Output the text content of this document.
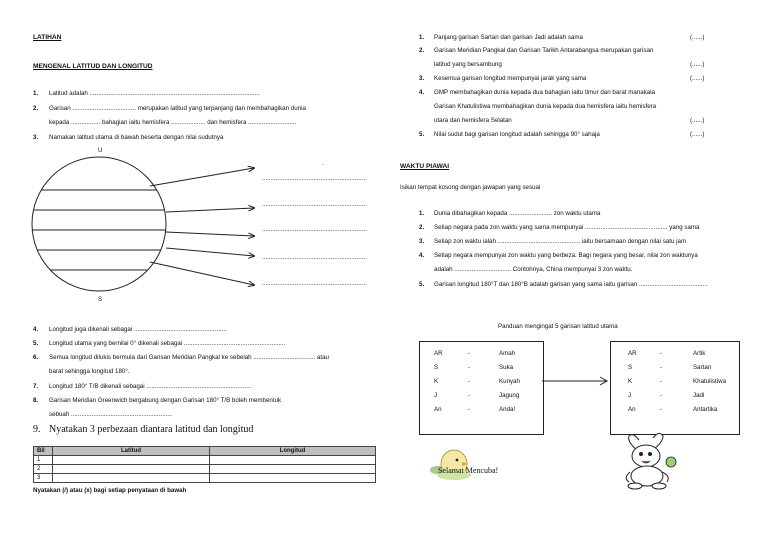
LATIHAN
MENGENAL LATITUD DAN LONGITUD
1. Latitud adalah ...................................................................................................
2. Garisan ..................................... merupakan latitud yang terpanjang dan membahagikan dunia
kepada ................. bahagian iaitu hemisfera .................... dan hemisfera ............................
3. Namakan latitud utama di bawah beserta dengan nilai sudutnya
U
S
.
.............................................................
.............................................................
.............................................................
.............................................................
.............................................................
4. Longitud juga dikenali sebagai ......................................................
5. Longitud utama yang bernilai 0° dikenali sebagai ...........................................................
6. Semua longitud dilukis bermula dari Garisan Meridian Pangkal ke sebelah .................................... atau
barat sehingga longitud 180°.
7. Longitud 180° T/B dikenali sebagai .............................................................
8. Garisan Meridian Greenwich bergabung dengan Garisan 180° T/B boleh membentuk
sebuah ...........................................................
9. Nyatakan 3 perbezaan diantara latitud dan longitud
Bil	Latitud	Longitud
1		
2		
3		
Nyatakan (/) atau (x) bagi setiap penyataan di bawah
1. Panjang garisan Sartan dan garisan Jadi adalah sama	(......)
2. Garisan Meridian Pangkal dan Garisan Tarikh Antarabangsa merupakan garisan
latitud yang bersambung	(......)
3. Kesemua garisan longitud mempunyai jarak yang sama	(......)
4. GMP membahagikan dunia kepada dua bahagian iaitu timur dan barat manakala
Garisan Khatulistiwa membahagikan dunia kepada dua hemisfera iaitu hemisfera
utara dan hemisfera Selatan	(......)
5. Nilai sudut bagi garisan longitud adalah sehingga 90° sahaja	(......)
WAKTU PIAWAI
Isikan tempat kosong dengan jawapan yang sesuai
1. Dunia dibahagikan kepada ......................... zon waktu utama
2. Setiap negara pada zon waktu yang sama mempunyai ................................................ yang sama
3. Setiap zon waktu ialah ................................................ iaitu bersamaan dengan nilai satu jam
4. Setiap negara mempunyai zon waktu yang berbeza. Bagi negara yang besar, nilai zon waktunya
adalah ................................. Contohnya, China mempunyai 3 zon waktu.
5. Garisan longitud 180°T dan 180°B adalah garisan yang sama iaitu garisan ........................................
Panduan mengingat 5 garisan latitud utama
AR	-	Amah
S	-	Suka
K	-	Kunyah
J	-	Jagung
An	-	Anda!
AR	-	Artik
S	-	Sartan
K	-	Khatulistiwa
J	-	Jadi
An	-	Antartika
Selamat Mencuba!
